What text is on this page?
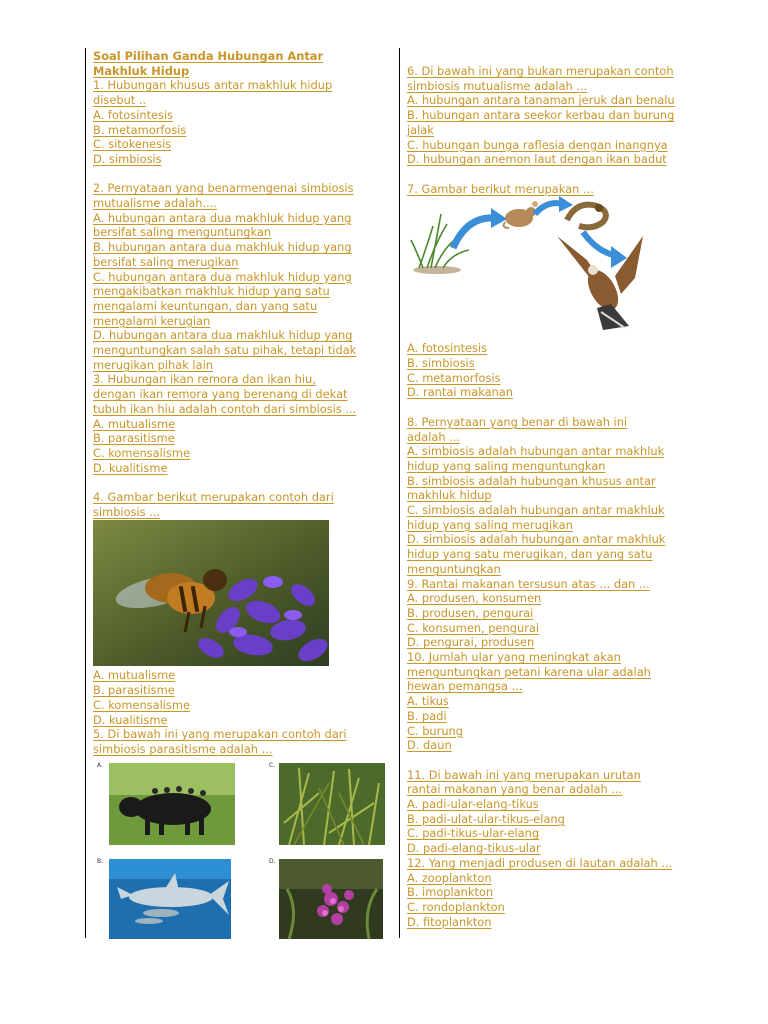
Soal Pilihan Ganda Hubungan Antar
Makhluk Hidup
1. Hubungan khusus antar makhluk hidup
disebut ..
A. fotosintesis
B. metamorfosis
C. sitokenesis
D. simbiosis
2. Pernyataan yang benarmengenai simbiosis
mutualisme adalah....
A. hubungan antara dua makhluk hidup yang
bersifat saling menguntungkan
B. hubungan antara dua makhluk hidup yang
bersifat saling merugikan
C. hubungan antara dua makhluk hidup yang
mengakibatkan makhluk hidup yang satu
mengalami keuntungan, dan yang satu
mengalami kerugian
D. hubungan antara dua makhluk hidup yang
menguntungkan salah satu pihak, tetapi tidak
merugikan pihak lain
3. Hubungan ikan remora dan ikan hiu,
dengan ikan remora yang berenang di dekat
tubuh ikan hiu adalah contoh dari simbiosis ...
A. mutualisme
B. parasitisme
C. komensalisme
D. kualitisme
4. Gambar berikut merupakan contoh dari
simbiosis ...
A. mutualisme
B. parasitisme
C. komensalisme
D. kualitisme
5. Di bawah ini yang merupakan contoh dari
simbiosis parasitisme adalah ...
A.	C.
B.	D.
6. Di bawah ini yang bukan merupakan contoh
simbiosis mutualisme adalah ...
A. hubungan antara tanaman jeruk dan benalu
B. hubungan antara seekor kerbau dan burung
jalak
C. hubungan bunga raflesia dengan inangnya
D. hubungan anemon laut dengan ikan badut
7. Gambar berikut merupakan ...
A. fotosintesis
B. simbiosis
C. metamorfosis
D. rantai makanan
8. Pernyataan yang benar di bawah ini
adalah ...
A. simbiosis adalah hubungan antar makhluk
hidup yang saling menguntungkan
B. simbiosis adalah hubungan khusus antar
makhluk hidup
C. simbiosis adalah hubungan antar makhluk
hidup yang saling merugikan
D. simbiosis adalah hubungan antar makhluk
hidup yang satu merugikan, dan yang satu
menguntungkan
9. Rantai makanan tersusun atas ... dan ...
A. produsen, konsumen
B. produsen, pengurai
C. konsumen, pengurai
D. pengurai, produsen
10. Jumlah ular yang meningkat akan
menguntungkan petani karena ular adalah
hewan pemangsa ...
A. tikus
B. padi
C. burung
D. daun
11. Di bawah ini yang merupakan urutan
rantai makanan yang benar adalah ...
A. padi-ular-elang-tikus
B. padi-ulat-ular-tikus-elang
C. padi-tikus-ular-elang
D. padi-elang-tikus-ular
12. Yang menjadi produsen di lautan adalah ...
A. zooplankton
B. imoplankton
C. rondoplankton
D. fitoplankton
